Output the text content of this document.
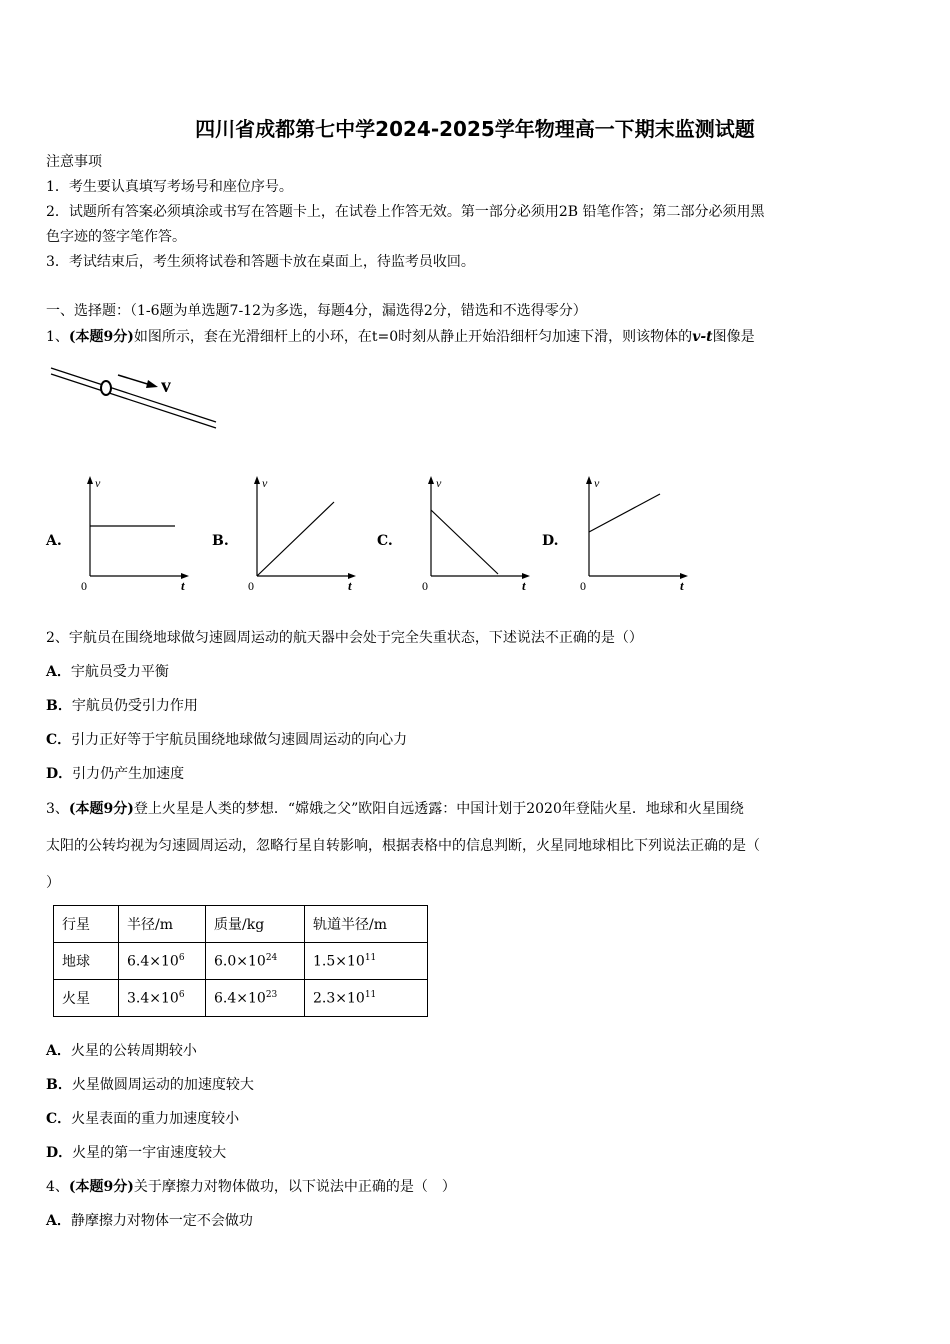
四川省成都第七中学2024-2025学年物理高一下期末监测试题
注意事项
1．考生要认真填写考场号和座位序号。
2．试题所有答案必须填涂或书写在答题卡上，在试卷上作答无效。第一部分必须用2B 铅笔作答；第二部分必须用黑
色字迹的签字笔作答。
3．考试结束后，考生须将试卷和答题卡放在桌面上，待监考员收回。
一、选择题：（1-6题为单选题7-12为多选，每题4分，漏选得2分，错选和不选得零分）
1、(本题9分)如图所示，套在光滑细杆上的小环，在t=0时刻从静止开始沿细杆匀加速下滑，则该物体的v-t图像是
v
A.	B.	C.	D.
v
t
0
v
t
0
v
t
0
v
t
0
2、宇航员在围绕地球做匀速圆周运动的航天器中会处于完全失重状态，下述说法不正确的是（）
A．宇航员受力平衡
B．宇航员仍受引力作用
C．引力正好等于宇航员围绕地球做匀速圆周运动的向心力
D．引力仍产生加速度
3、(本题9分)登上火星是人类的梦想．“嫦娥之父”欧阳自远透露：中国计划于2020年登陆火星．地球和火星围绕
太阳的公转均视为匀速圆周运动，忽略行星自转影响，根据表格中的信息判断，火星同地球相比下列说法正确的是（
）
行星	半径/m	质量/kg	轨道半径/m
地球	$6.4\times 10^6$	$6.0\times 10^{24}$	$1.5\times 10^{11}$
火星	$3.4\times 10^6$	$6.4\times 10^{23}$	$2.3\times 10^{11}$
A．火星的公转周期较小
B．火星做圆周运动的加速度较大
C．火星表面的重力加速度较小
D．火星的第一宇宙速度较大
4、(本题9分)关于摩擦力对物体做功，以下说法中正确的是（　）
A．静摩擦力对物体一定不会做功
